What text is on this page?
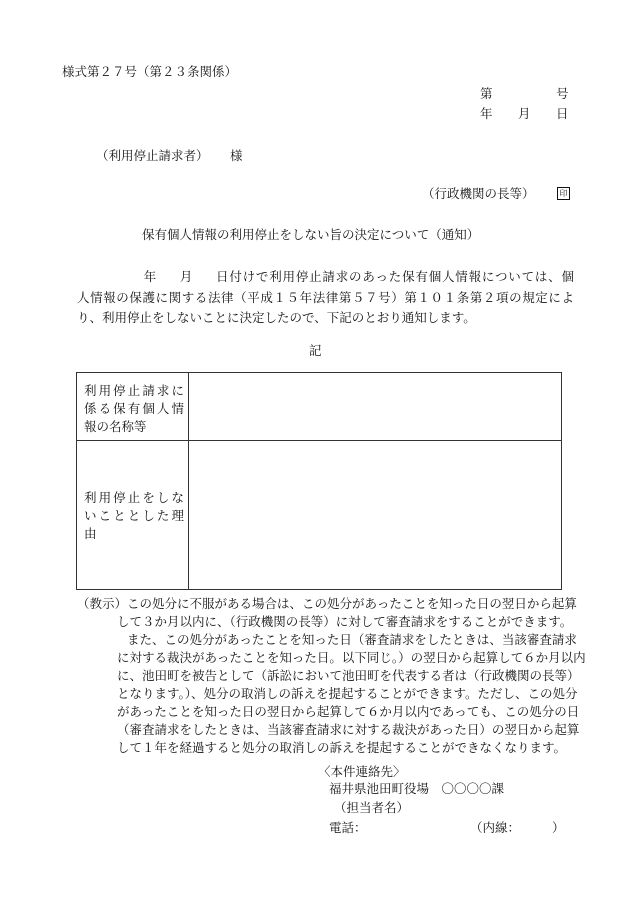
様式第２７号（第２３条関係）
第	号
年 月 日
（利用停止請求者） 様
（行政機関の長等）	印
保有個人情報の利用停止をしない旨の決定について（通知）
年 月 日付けで利用停止請求のあった保有個人情報については、個
人情報の保護に関する法律（平成１５年法律第５７号）第１０１条第２項の規定によ
り、利用停止をしないことに決定したので、下記のとおり通知します。
記
利用停止請求に
係る保有個人情
報の名称等
利用停止をしな
いこととした理
由
（教示）この処分に不服がある場合は、この処分があったことを知った日の翌日から起算
して３か月以内に、（行政機関の長等）に対して審査請求をすることができます。
また、この処分があったことを知った日（審査請求をしたときは、当該審査請求
に対する裁決があったことを知った日。以下同じ。）の翌日から起算して６か月以内
に、池田町を被告として（訴訟において池田町を代表する者は（行政機関の長等）
となります。）、処分の取消しの訴えを提起することができます。ただし、この処分
があったことを知った日の翌日から起算して６か月以内であっても、この処分の日
（審査請求をしたときは、当該審査請求に対する裁決があった日）の翌日から起算
して１年を経過すると処分の取消しの訴えを提起することができなくなります。
〈本件連絡先〉
福井県池田町役場　〇〇〇〇課
（担当者名）
電話：	（内線：	）
